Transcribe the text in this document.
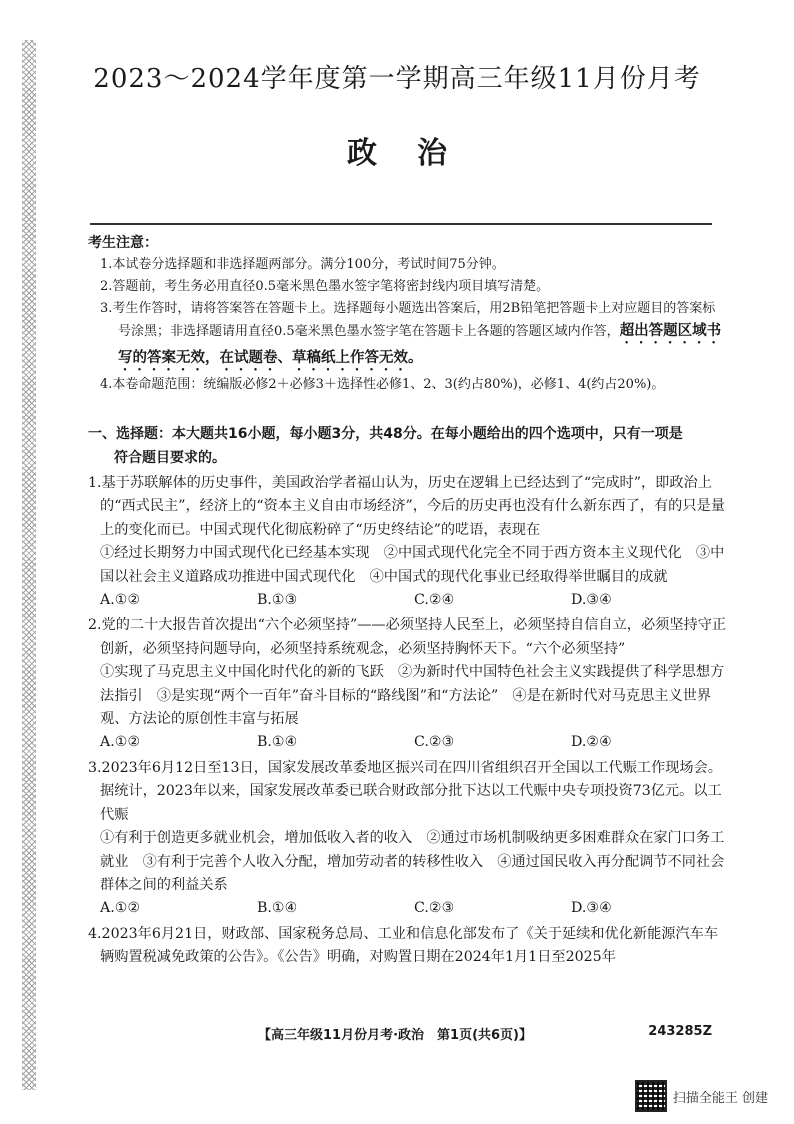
2023～2024学年度第一学期高三年级11月份月考
政治
考生注意：
1.本试卷分选择题和非选择题两部分。满分100分，考试时间75分钟。
2.答题前，考生务必用直径0.5毫米黑色墨水签字笔将密封线内项目填写清楚。
3.考生作答时，请将答案答在答题卡上。选择题每小题选出答案后，用2B铅笔把答题卡上对应题目的答案标号涂黑；非选择题请用直径0.5毫米黑色墨水签字笔在答题卡上各题的答题区域内作答，超出答题区域书写的答案无效，在试题卷、草稿纸上作答无效。
4.本卷命题范围：统编版必修2＋必修3＋选择性必修1、2、3(约占80%)，必修1、4(约占20%)。
一、选择题：本大题共16小题，每小题3分，共48分。在每小题给出的四个选项中，只有一项是
符合题目要求的。
1.基于苏联解体的历史事件，美国政治学者福山认为，历史在逻辑上已经达到了“完成时”，即政治上的“西式民主”，经济上的“资本主义自由市场经济”，今后的历史再也没有什么新东西了，有的只是量上的变化而已。中国式现代化彻底粉碎了“历史终结论”的呓语，表现在
①经过长期努力中国式现代化已经基本实现　②中国式现代化完全不同于西方资本主义现代化　③中国以社会主义道路成功推进中国式现代化　④中国式的现代化事业已经取得举世瞩目的成就
A.①②	B.①③	C.②④	D.③④
2.党的二十大报告首次提出“六个必须坚持”——必须坚持人民至上，必须坚持自信自立，必须坚持守正创新，必须坚持问题导向，必须坚持系统观念，必须坚持胸怀天下。“六个必须坚持”
①实现了马克思主义中国化时代化的新的飞跃　②为新时代中国特色社会主义实践提供了科学思想方法指引　③是实现“两个一百年”奋斗目标的“路线图”和“方法论”　④是在新时代对马克思主义世界观、方法论的原创性丰富与拓展
A.①②	B.①④	C.②③	D.②④
3.2023年6月12日至13日，国家发展改革委地区振兴司在四川省组织召开全国以工代赈工作现场会。据统计，2023年以来，国家发展改革委已联合财政部分批下达以工代赈中央专项投资73亿元。以工代赈
①有利于创造更多就业机会，增加低收入者的收入　②通过市场机制吸纳更多困难群众在家门口务工就业　③有利于完善个人收入分配，增加劳动者的转移性收入　④通过国民收入再分配调节不同社会群体之间的利益关系
A.①②	B.①④	C.②③	D.③④
4.2023年6月21日，财政部、国家税务总局、工业和信息化部发布了《关于延续和优化新能源汽车车辆购置税减免政策的公告》。《公告》明确，对购置日期在2024年1月1日至2025年
【高三年级11月份月考·政治　第1页(共6页)】	243285Z
扫描全能王 创建
